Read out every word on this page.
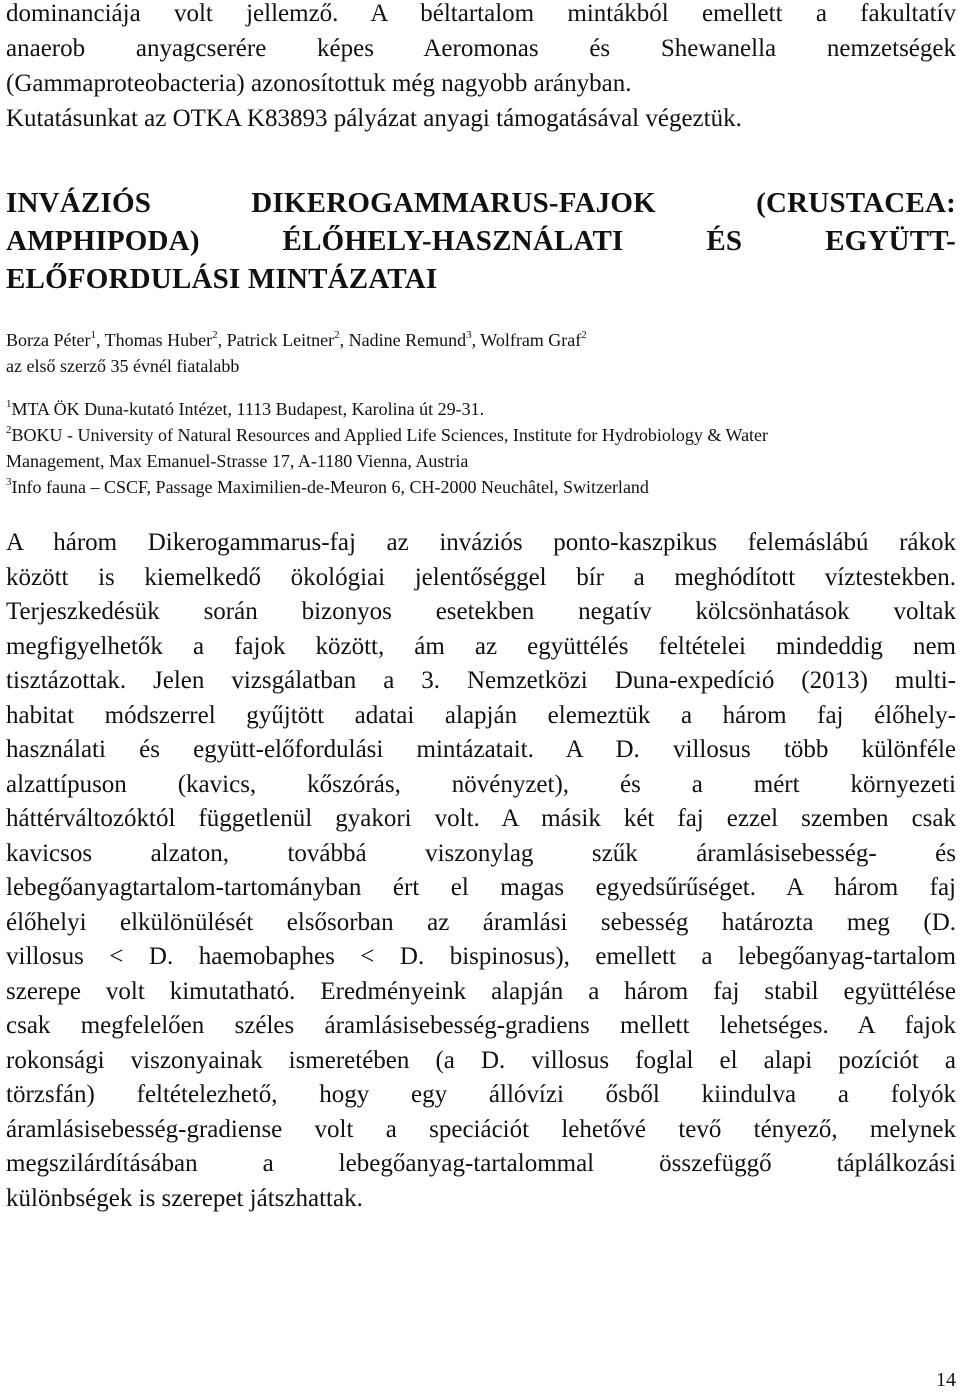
dominanciája volt jellemző. A béltartalom mintákból emellett a fakultatív
anaerob anyagcserére képes Aeromonas és Shewanella nemzetségek
(Gammaproteobacteria) azonosítottuk még nagyobb arányban.
Kutatásunkat az OTKA K83893 pályázat anyagi támogatásával végeztük.
INVÁZIÓS DIKEROGAMMARUS-FAJOK (CRUSTACEA:
AMPHIPODA) ÉLŐHELY-HASZNÁLATI ÉS EGYÜTT-
ELŐFORDULÁSI MINTÁZATAI
Borza Péter$^1$, Thomas Huber$^2$, Patrick Leitner$^2$, Nadine Remund$^3$, Wolfram Graf$^2$
az első szerző 35 évnél fiatalabb
$^1$MTA ÖK Duna-kutató Intézet, 1113 Budapest, Karolina út 29-31.
$^2$BOKU - University of Natural Resources and Applied Life Sciences, Institute for Hydrobiology & Water
Management, Max Emanuel-Strasse 17, A-1180 Vienna, Austria
$^3$Info fauna – CSCF, Passage Maximilien-de-Meuron 6, CH-2000 Neuchâtel, Switzerland
A három Dikerogammarus-faj az inváziós ponto-kaszpikus felemáslábú rákok
között is kiemelkedő ökológiai jelentőséggel bír a meghódított víztestekben.
Terjeszkedésük során bizonyos esetekben negatív kölcsönhatások voltak
megfigyelhetők a fajok között, ám az együttélés feltételei mindeddig nem
tisztázottak. Jelen vizsgálatban a 3. Nemzetközi Duna-expedíció (2013) multi-
habitat módszerrel gyűjtött adatai alapján elemeztük a három faj élőhely-
használati és együtt-előfordulási mintázatait. A D. villosus több különféle
alzattípuson (kavics, kőszórás, növényzet), és a mért környezeti
háttérváltozóktól függetlenül gyakori volt. A másik két faj ezzel szemben csak
kavicsos alzaton, továbbá viszonylag szűk áramlásisebesség- és
lebegőanyagtartalom-tartományban ért el magas egyedsűrűséget. A három faj
élőhelyi elkülönülését elsősorban az áramlási sebesség határozta meg (D.
villosus < D. haemobaphes < D. bispinosus), emellett a lebegőanyag-tartalom
szerepe volt kimutatható. Eredményeink alapján a három faj stabil együttélése
csak megfelelően széles áramlásisebesség-gradiens mellett lehetséges. A fajok
rokonsági viszonyainak ismeretében (a D. villosus foglal el alapi pozíciót a
törzsfán) feltételezhető, hogy egy állóvízi ősből kiindulva a folyók
áramlásisebesség-gradiense volt a speciációt lehetővé tevő tényező, melynek
megszilárdításában a lebegőanyag-tartalommal összefüggő táplálkozási
különbségek is szerepet játszhattak.
14
